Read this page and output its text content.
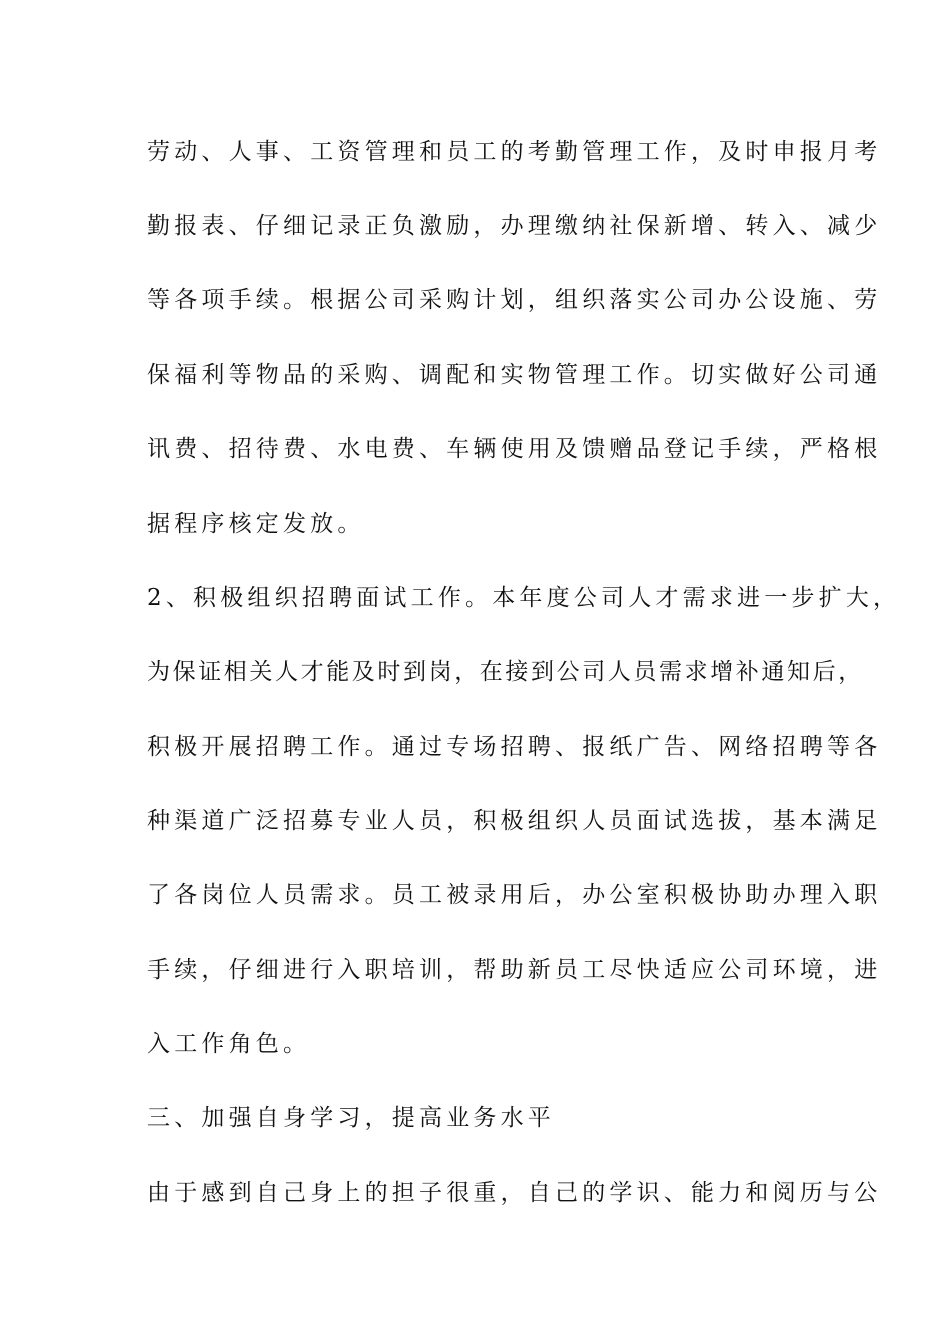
劳动、人事、工资管理和员工的考勤管理工作，及时申报月考
勤报表、仔细记录正负激励，办理缴纳社保新增、转入、减少
等各项手续。根据公司采购计划，组织落实公司办公设施、劳
保福利等物品的采购、调配和实物管理工作。切实做好公司通
讯费、招待费、水电费、车辆使用及馈赠品登记手续，严格根
据程序核定发放。
2、积极组织招聘面试工作。本年度公司人才需求进一步扩大，
为保证相关人才能及时到岗，在接到公司人员需求增补通知后，
积极开展招聘工作。通过专场招聘、报纸广告、网络招聘等各
种渠道广泛招募专业人员，积极组织人员面试选拔，基本满足
了各岗位人员需求。员工被录用后，办公室积极协助办理入职
手续，仔细进行入职培训，帮助新员工尽快适应公司环境，进
入工作角色。
三、加强自身学习，提高业务水平
由于感到自己身上的担子很重，自己的学识、能力和阅历与公
